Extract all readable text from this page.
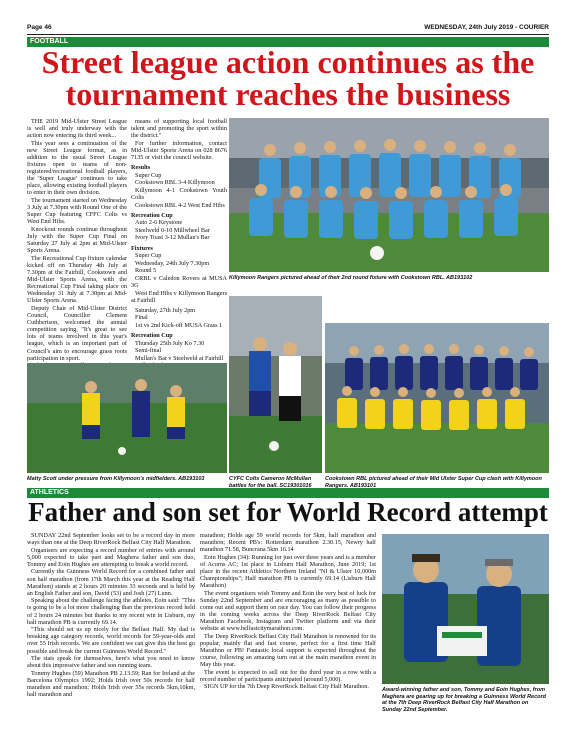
Page 46	WEDNESDAY, 24th July 2019 - COURIER
FOOTBALL
Street league action continues as the tournament reaches the business

THE 2019 Mid-Ulster Street League is well and truly underway with the action now entering its third week...

This year sees a continuation of the new Street League format, as in addition to the usual Street League fixtures open to teams of non-registered/recreational football players, the 'Super League' continues to take place, allowing existing football players to enter in their own division.

The tournament started on Wednesday 3 July at 7.30pm with Round One of the Super Cup featuring CFFC Colts vs West End Hibs.

Knockout rounds continue throughout July with the Super Cup Final on Saturday 27 July at 2pm at Mid-Ulster Sports Arena.

The Recreational Cup fixture calendar kicked off on Thursday 4th July at 7.30pm at the Fairhill, Cookstown and Mid-Ulster Sports Arena, with the Recreational Cup Final taking place on Wednesday 31 July at 7.30pm at Mid-Ulster Sports Arena.

Deputy Chair of Mid-Ulster District Council, Councillor Clement Cuthbertson, welcomed the annual competition saying, "It's great to see lots of teams involved in this year's league, which is an important part of Council's aim to encourage grass roots participation in sport.

means of supporting local football talent and promoting the sport within the district."

For further information, contact Mid-Ulster Sports Arena on 028 8676 7135 or visit the council website.

Results

Super Cup

Cookstown RBL 3-4 Killymoon

Killymoon 4-1 Cookstown Youth Colts

Cookstown RBL 4-2 West End Hibs

Recreation Cup

Auto 2-6 Keystone

Steelweld 0-10 Millwheel Bar

Ivory Toast 3-12 Mullan's Bar

Fixtures

Super Cup

Wednesday, 24th July 7.30pm

Round 5

CRBL v Caledon Rovers at MUSA 3G

West End Hibs v Killymoon Rangers at Fairhill

Saturday, 27th July 2pm

Final

1st vs 2nd Kick-off MUSA Grass 1

Recreation Cup

Thursday 25th July Ko 7.30

Semi-final

Mullan's Bar v Steelweld at Fairhill

Killymoon Rangers pictured ahead of their 2nd round fixture with Cookstown RBL. AB193102
Matty Scott under pressure from Killymoon's midfielders. AB193103	CYFC Colts Cameron McMullan battles for the ball. SC19301016
Cookstown RBL pictured ahead of their Mid Ulster Super Cup clash with Killymoon Rangers. AB193101
ATHLETICS
Father and son set for World Record attempt

SUNDAY 22nd September looks set to be a record day in more ways than one at the Deep RiverRock Belfast City Half Marathon.

Organisers are expecting a record number of entries with around 5,000 expected to take part and Maghera father and son duo, Tommy and Eoin Hughes are attempting to break a world record.

Currently the Guinness World Record for a combined father and son half marathon (from 17th March this year at the Reading Half Marathon) stands at 2 hours 20 minutes 33 seconds and is held by an English Father and son, David (53) and Josh (27) Lunn.

Speaking about the challenge facing the athletes, Eoin said: "This is going to be a lot more challenging than the previous record held of 2 hours 24 minutes but thanks to my recent win in Lisburn, my half marathon PB is currently 69.14.

"This should set us up nicely for the Belfast Half. My dad is breaking age category records, world records for 59-year-olds and over 55 Irish records. We are confident we can give this the best go possible and break the current Guinness World Record."

The stats speak for themselves, here's what you need to know about this impressive father and son running team.

Tommy Hughes (59) Marathon PB 2.13.59; Ran for Ireland at the Barcelona Olympics 1992; Holds Irish over 50s records for half marathon and marathon; Holds Irish over 55s records 5km,10km, half marathon and

marathon; Holds age 59 world records for 5km, half marathon and marathon; Recent PB's: Rotterdam marathon 2.30.15, Newry half marathon 71.58, Buncrana 5km 16.14

Eoin Hughes (34): Running for just over three years and is a member of Acorns AC; 1st place in Lisburn Half Marathon, June 2019; 1st place in the recent Athletics Northern Ireland "NI & Ulster 10,000m Championships"; Half marathon PB is currently 69.14 (Lisburn Half Marathon)

The event organisers wish Tommy and Eoin the very best of luck for Sunday 22nd September and are encouraging as many as possible to come out and support them on race day. You can follow their progress in the coming weeks across the Deep RiverRock Belfast City Marathon Facebook, Instagram and Twitter platform and via their website at www.belfastcitymarathon.com.

The Deep RiverRock Belfast City Half Marathon is renowned for its popular, mainly flat and fast course, perfect for a first time Half Marathon or PB! Fantastic local support is expected throughout the course, following an amazing turn out at the main marathon event in May this year.

The event is expected to sell out for the third year in a row with a record number of participants anticipated (around 5,000).

SIGN UP for the 7th Deep RiverRock Belfast City Half Marathon.	Award-winning father and son, Tommy and Eoin Hughes, from Maghera are gearing up for breaking a Guinness World Record at the 7th Deep RiverRock Belfast City Half Marathon on Sunday 22nd September.
